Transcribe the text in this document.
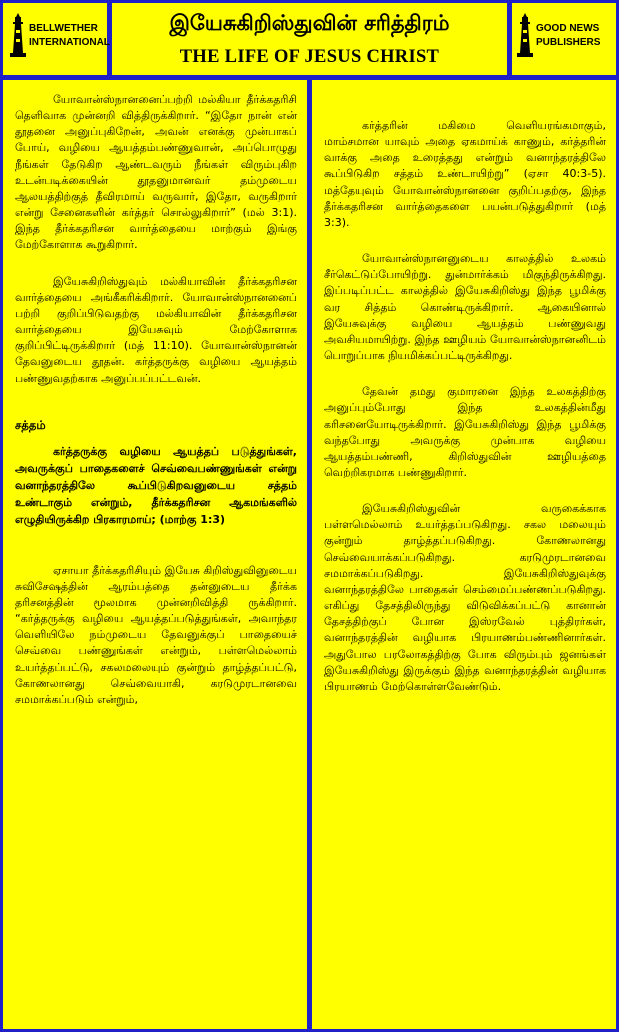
BELLWETHER
INTERNATIONAL
இயேசுகிறிஸ்துவின் சரித்திரம்
THE LIFE OF JESUS CHRIST
GOOD NEWS
PUBLISHERS

யோவான்ஸ்நானனைப்பற்றி மல்கியா தீர்க்கதரிசி தெளிவாக முன்னறி வித்திருக்கிறார். “இதோ நான் என் தூதனை அனுப்புகிறேன், அவன் எனக்கு முன்பாகப் போய், வழியை ஆயத்தம்பண்ணுவான், அப்பொழுது நீங்கள் தேடுகிற ஆண்டவரும் நீங்கள் விரும்புகிற உடன்படிக்கையின் தூதனுமானவர் தம்முடைய ஆலயத்திற்குத் தீவிரமாய் வருவார், இதோ, வருகிறார் என்று சேனைகளின் கர்த்தர் சொல்லுகிறார்” (மல் 3:1). இந்த தீர்க்கதரிசன வார்த்தையை மாற்கும் இங்கு மேற்கோளாக கூறுகிறார்.

இயேசுகிறிஸ்துவும் மல்கியாவின் தீர்க்கதரிசன வார்த்தையை அங்கீகரிக்கிறார். யோவான்ஸ்நானனைப் பற்றி குறிப்பிடுவதற்கு மல்கியாவின் தீர்க்கதரிசன வார்த்தையை இயேசுவும் மேற்கோளாக குறிப்பிட்டிருக்கிறார் (மத் 11:10). யோவான்ஸ்நானன் தேவனுடைய தூதன். கர்த்தருக்கு வழியை ஆயத்தம் பண்ணுவதற்காக அனுப்பப்பட்டவன்.

சத்தம்

கர்த்தருக்கு வழியை ஆயத்தப் படுத்துங்கள், அவருக்குப் பாதைகளைச் செவ்வைபண்ணுங்கள் என்று வனாந்தரத்திலே கூப்பிடுகிறவனுடைய சத்தம் உண்டாகும் என்றும், தீர்க்கதரிசன ஆகமங்களில் எழுதியிருக்கிற பிரகாரமாய்; (மாற்கு 1:3)

ஏசாயா தீர்க்கதரிசியும் இயேசு கிறிஸ்துவினுடைய சுவிசேஷத்தின் ஆரம்பத்தை தன்னுடைய தீர்க்க தரிசனத்தின் மூலமாக முன்னறிவித்தி ருக்கிறார். “கர்த்தருக்கு வழியை ஆயத்தப்படுத்துங்கள், அவாந்தர வெளியிலே நம்முடைய தேவனுக்குப் பாதையைச் செவ்வை பண்ணுங்கள் என்றும், பள்ளமெல்லாம் உயர்த்தப்பட்டு, சகலமலையும் குன்றும் தாழ்த்தப்பட்டு, கோணலானது செவ்வையாகி, கரடுமுரடானவை சமமாக்கப்படும் என்றும்,

கர்த்தரின் மகிமை வெளியரங்கமாகும், மாம்சமான யாவும் அதை ஏகமாய்க் காணும், கர்த்தரின் வாக்கு அதை உரைத்தது என்றும் வனாந்தரத்திலே கூப்பிடுகிற சத்தம் உண்டாயிற்று” (ஏசா 40:3-5). மத்தேயுவும் யோவான்ஸ்நானனை குறிப்பதற்கு, இந்த தீர்க்கதரிசன வார்த்தைகளை பயன்படுத்துகிறார் (மத் 3:3).

யோவான்ஸ்நானனுடைய காலத்தில் உலகம் சீர்கெட்டுப்போயிற்று. துன்மார்க்கம் மிகுந்திருக்கிறது. இப்படிப்பட்ட காலத்தில் இயேசுகிறிஸ்து இந்த பூமிக்கு வர சித்தம் கொண்டிருக்கிறார். ஆகையினால் இயேசுவுக்கு வழியை ஆயத்தம் பண்ணுவது அவசியமாயிற்று. இந்த ஊழியம் யோவான்ஸ்நானனிடம் பொறுப்பாக நியமிக்கப்பட்டிருக்கிறது.

தேவன் தமது குமாரனை இந்த உலகத்திற்கு அனுப்பும்போது இந்த உலகத்தின்மீது கரிசனையோடிருக்கிறார். இயேசுகிறிஸ்து இந்த பூமிக்கு வந்தபோது அவருக்கு முன்பாக வழியை ஆயத்தம்பண்ணி, கிறிஸ்துவின் ஊழியத்தை வெற்றிகரமாக பண்ணுகிறார்.

இயேசுகிறிஸ்துவின் வருகைக்காக பள்ளமெல்லாம் உயர்த்தப்படுகிறது. சகல மலையும் குன்றும் தாழ்த்தப்படுகிறது. கோணலானது செவ்வையாக்கப்படுகிறது. கரடுமுரடானவை சமமாக்கப்படுகிறது. இயேசுகிறிஸ்துவுக்கு வனாந்தரத்திலே பாதைகள் செம்மைப்பண்ணப்படுகிறது. எகிப்து தேசத்திலிருந்து விடுவிக்கப்பட்டு கானான் தேசத்திற்குப் போன இஸ்ரவேல் புத்திரர்கள், வனாந்தரத்தின் வழியாக பிரயாணம்பண்ணினார்கள். அதுபோல பரலோகத்திற்கு போக விரும்பும் ஜனங்கள் இயேசுகிறிஸ்து இருக்கும் இந்த வனாந்தரத்தின் வழியாக பிரயாணம் மேற்கொள்ளவேண்டும்.
